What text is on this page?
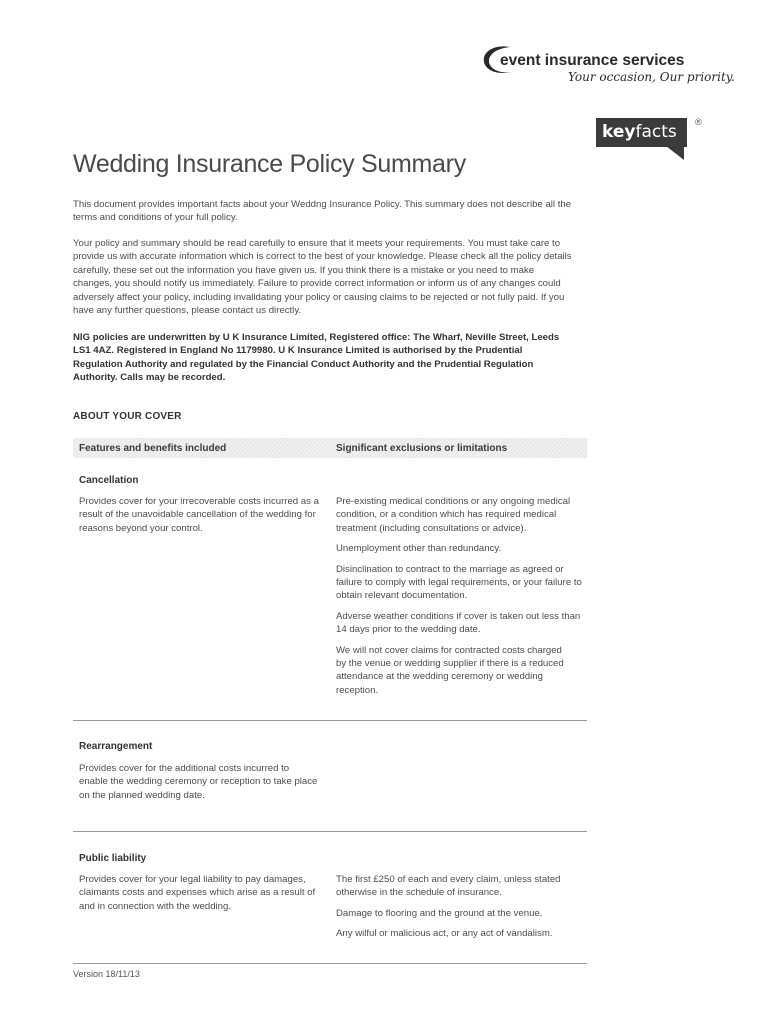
event insurance services
Your occasion, Our priority.
keyfacts	®
Wedding Insurance Policy Summary

This document provides important facts about your Weddng Insurance Policy. This summary does not describe all the terms and conditions of your full policy.

Your policy and summary should be read carefully to ensure that it meets your requirements. You must take care to provide us with accurate information which is correct to the best of your knowledge. Please check all the policy details carefully, these set out the information you have given us. If you think there is a mistake or you need to make changes, you should notify us immediately. Failure to provide correct information or inform us of any changes could adversely affect your policy, including invalidating your policy or causing claims to be rejected or not fully paid. If you have any further questions, please contact us directly.

NIG policies are underwritten by U K Insurance Limited, Registered office: The Wharf, Neville Street, Leeds LS1 4AZ. Registered in England No 1179980. U K Insurance Limited is authorised by the Prudential Regulation Authority and regulated by the Financial Conduct Authority and the Prudential Regulation Authority. Calls may be recorded.

ABOUT YOUR COVER
Features and benefits included	Significant exclusions or limitations
Cancellation

Provides cover for your irrecoverable costs incurred as a result of the unavoidable cancellation of the wedding for reasons beyond your control.

Pre-existing medical conditions or any ongoing medical condition, or a condition which has required medical treatment (including consultations or advice).

Unemployment other than redundancy.

Disinclination to contract to the marriage as agreed or failure to comply with legal requirements, or your failure to obtain relevant documentation.

Adverse weather conditions if cover is taken out less than 14 days prior to the wedding date.

We will not cover claims for contracted costs charged by the venue or wedding supplier if there is a reduced attendance at the wedding ceremony or wedding reception.

Rearrangement

Provides cover for the additional costs incurred to enable the wedding ceremony or reception to take place on the planned wedding date.

Public liability

Provides cover for your legal liability to pay damages, claimants costs and expenses which arise as a result of and in connection with the wedding.

The first £250 of each and every claim, unless stated otherwise in the schedule of insurance.

Damage to flooring and the ground at the venue.

Any wilful or malicious act, or any act of vandalism.

Version 18/11/13
